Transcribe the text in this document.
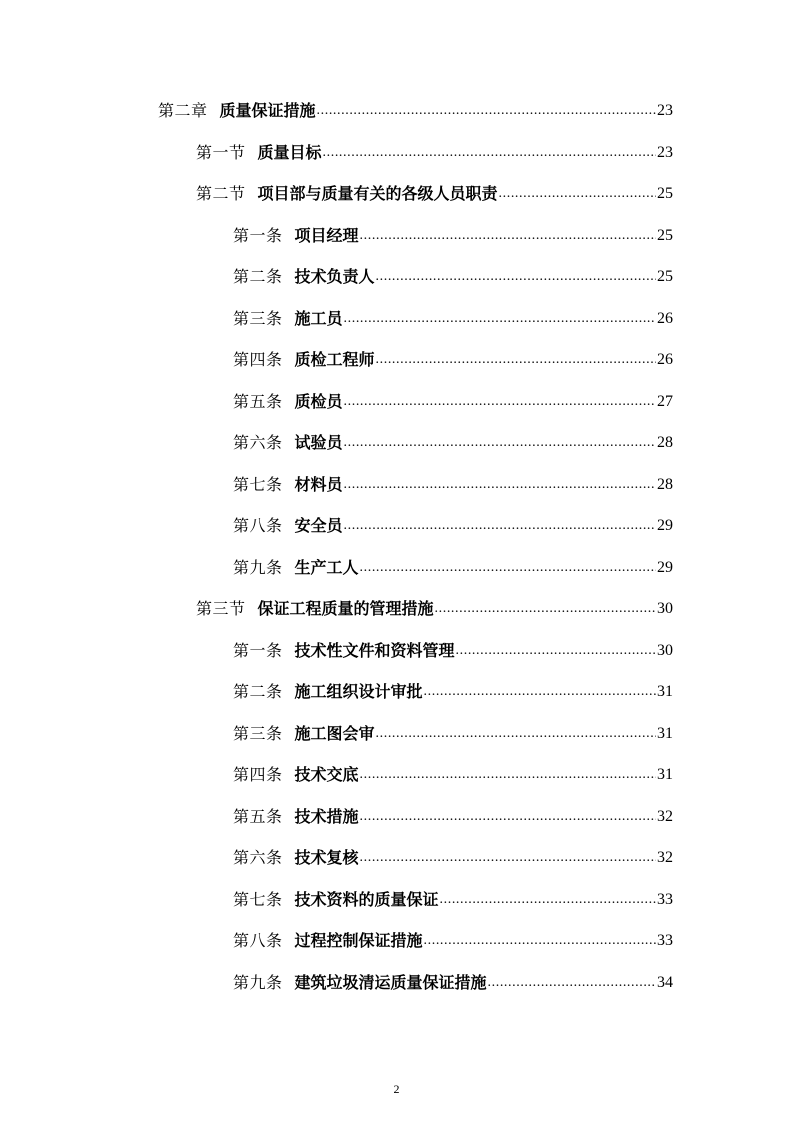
第二章 质量保证措施 .....	23
第一节 质量目标 .....	23
第二节 项目部与质量有关的各级人员职责 .....	25
第一条 项目经理 .....	25
第二条 技术负责人 .....	25
第三条 施工员 .....	26
第四条 质检工程师 .....	26
第五条 质检员 .....	27
第六条 试验员 .....	28
第七条 材料员 .....	28
第八条 安全员 .....	29
第九条 生产工人 .....	29
第三节 保证工程质量的管理措施 .....	30
第一条 技术性文件和资料管理 .....	30
第二条 施工组织设计审批 .....	31
第三条 施工图会审 .....	31
第四条 技术交底 .....	31
第五条 技术措施 .....	32
第六条 技术复核 .....	32
第七条 技术资料的质量保证 .....	33
第八条 过程控制保证措施 .....	33
第九条 建筑垃圾清运质量保证措施 .....	34
2
